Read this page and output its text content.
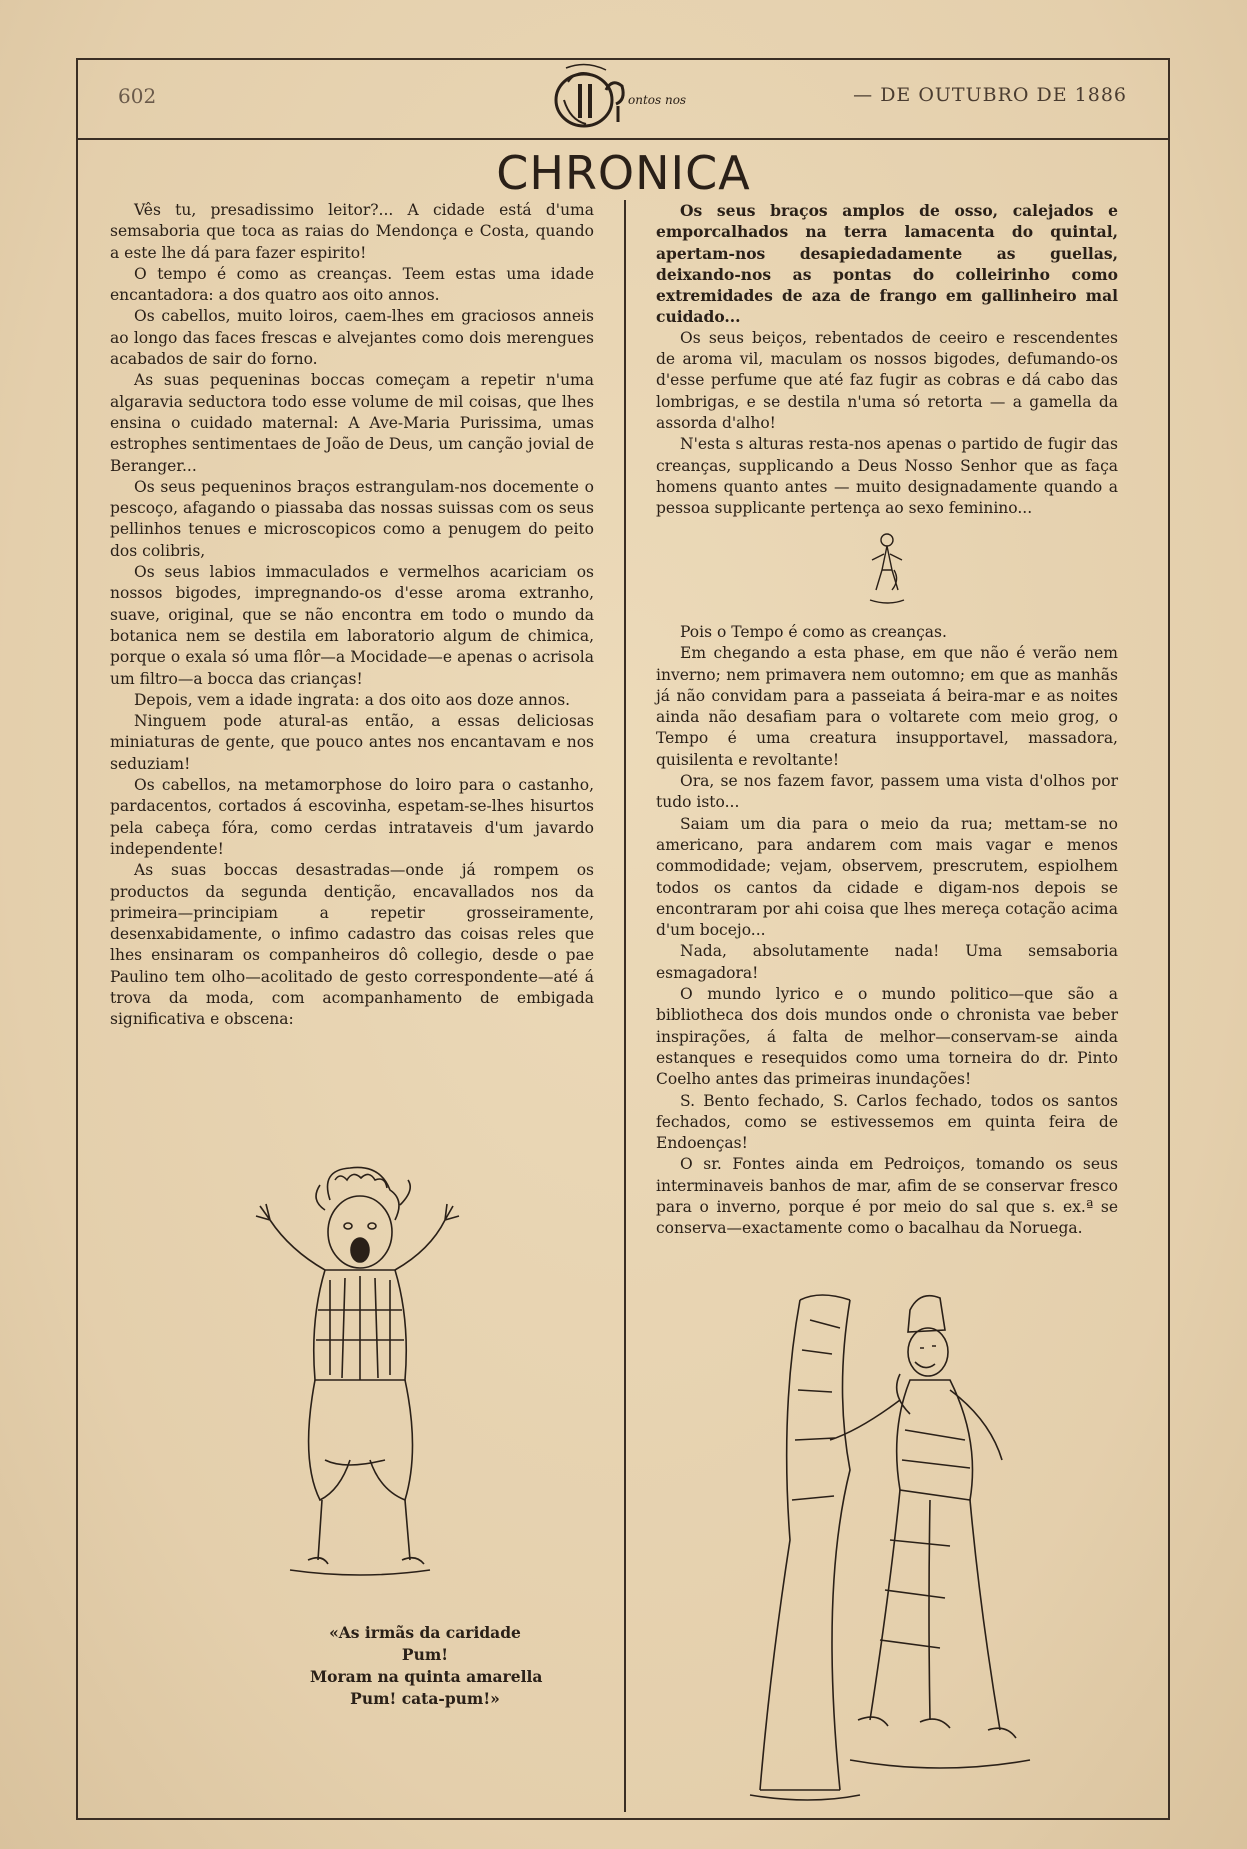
602	ontos nos	— DE OUTUBRO DE 1886
CHRONICA

Vês tu, presadissimo leitor?... A cidade está d'uma semsaboria que toca as raias do Mendonça e Costa, quando a este lhe dá para fazer espirito!

O tempo é como as creanças. Teem estas uma idade encantadora: a dos quatro aos oito annos.

Os cabellos, muito loiros, caem-lhes em graciosos anneis ao longo das faces frescas e alvejantes como dois merengues acabados de sair do forno.

As suas pequeninas boccas começam a repetir n'uma algaravia seductora todo esse volume de mil coisas, que lhes ensina o cuidado maternal: A Ave-Maria Purissima, umas estrophes sentimentaes de João de Deus, um canção jovial de Beranger...

Os seus pequeninos braços estrangulam-nos docemente o pescoço, afagando o piassaba das nossas suissas com os seus pellinhos tenues e microscopicos como a penugem do peito dos colibris,

Os seus labios immaculados e vermelhos acariciam os nossos bigodes, impregnando-os d'esse aroma extranho, suave, original, que se não encontra em todo o mundo da botanica nem se destila em laboratorio algum de chimica, porque o exala só uma flôr—a Mocidade—e apenas o acrisola um filtro—a bocca das crianças!

Depois, vem a idade ingrata: a dos oito aos doze annos.

Ninguem pode atural-as então, a essas deliciosas miniaturas de gente, que pouco antes nos encantavam e nos seduziam!

Os cabellos, na metamorphose do loiro para o castanho, pardacentos, cortados á escovinha, espetam-se-lhes hisurtos pela cabeça fóra, como cerdas intrataveis d'um javardo independente!

As suas boccas desastradas—onde já rompem os productos da segunda dentição, encavallados nos da primeira—principiam a repetir grosseiramente, desenxabidamente, o infimo cadastro das coisas reles que lhes ensinaram os companheiros dô collegio, desde o pae Paulino tem olho—acolitado de gesto correspondente—até á trova da moda, com acompanhamento de embigada significativa e obscena:

«As irmãs da caridade
Pum!
Moram na quinta amarella
Pum! cata-pum!»

Os seus braços amplos de osso, calejados e emporcalhados na terra lamacenta do quintal, apertam-nos desapiedadamente as guellas, deixando-nos as pontas do colleirinho como extremidades de aza de frango em gallinheiro mal cuidado...

Os seus beiços, rebentados de ceeiro e rescendentes de aroma vil, maculam os nossos bigodes, defumando-os d'esse perfume que até faz fugir as cobras e dá cabo das lombrigas, e se destila n'uma só retorta — a gamella da assorda d'alho!

N'esta s alturas resta-nos apenas o partido de fugir das creanças, supplicando a Deus Nosso Senhor que as faça homens quanto antes — muito designadamente quando a pessoa supplicante pertença ao sexo feminino...

Pois o Tempo é como as creanças.

Em chegando a esta phase, em que não é verão nem inverno; nem primavera nem outomno; em que as manhãs já não convidam para a passeiata á beira-mar e as noites ainda não desafiam para o voltarete com meio grog, o Tempo é uma creatura insupportavel, massadora, quisilenta e revoltante!

Ora, se nos fazem favor, passem uma vista d'olhos por tudo isto...

Saiam um dia para o meio da rua; mettam-se no americano, para andarem com mais vagar e menos commodidade; vejam, observem, prescrutem, espiolhem todos os cantos da cidade e digam-nos depois se encontraram por ahi coisa que lhes mereça cotação acima d'um bocejo...

Nada, absolutamente nada! Uma semsaboria esmagadora!

O mundo lyrico e o mundo politico—que são a bibliotheca dos dois mundos onde o chronista vae beber inspirações, á falta de melhor—conservam-se ainda estanques e resequidos como uma torneira do dr. Pinto Coelho antes das primeiras inundações!

S. Bento fechado, S. Carlos fechado, todos os santos fechados, como se estivessemos em quinta feira de Endoenças!

O sr. Fontes ainda em Pedroiços, tomando os seus interminaveis banhos de mar, afim de se conservar fresco para o inverno, porque é por meio do sal que s. ex.ª se conserva—exactamente como o bacalhau da Noruega.
